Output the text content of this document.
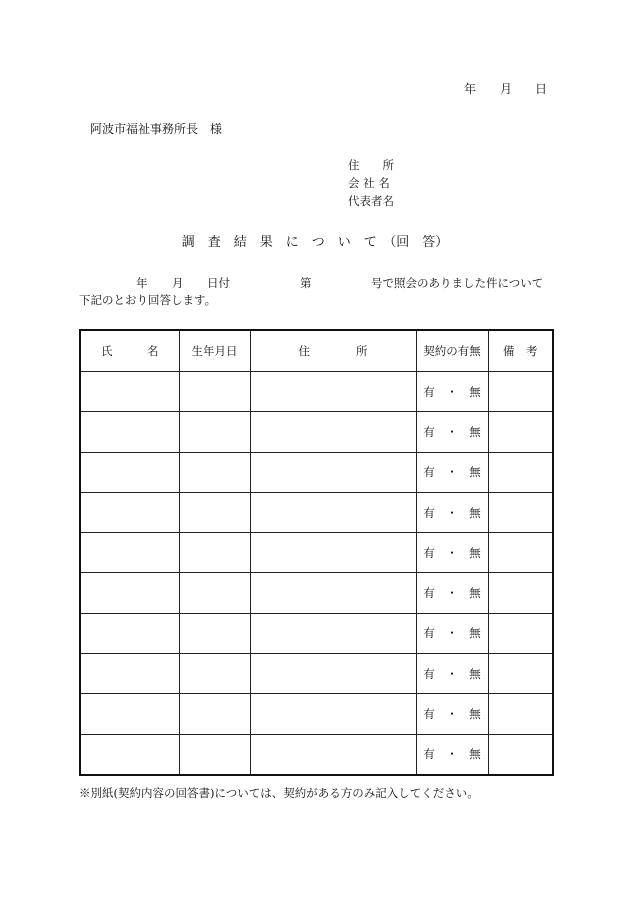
年 月 日
阿波市福祉事務所長　様
住　　所
会 社 名
代表者名
調　査　結　果　に　つ　い　て　（回　答）
年 月 日付	第	号で照会のありました件について
下記のとおり回答します。
氏　　　名	生年月日	住　　　　所	契約の有無	備　考
			有　・　無	
			有　・　無	
			有　・　無	
			有　・　無	
			有　・　無	
			有　・　無	
			有　・　無	
			有　・　無	
			有　・　無	
			有　・　無	
※別紙(契約内容の回答書)については、契約がある方のみ記入してください。
